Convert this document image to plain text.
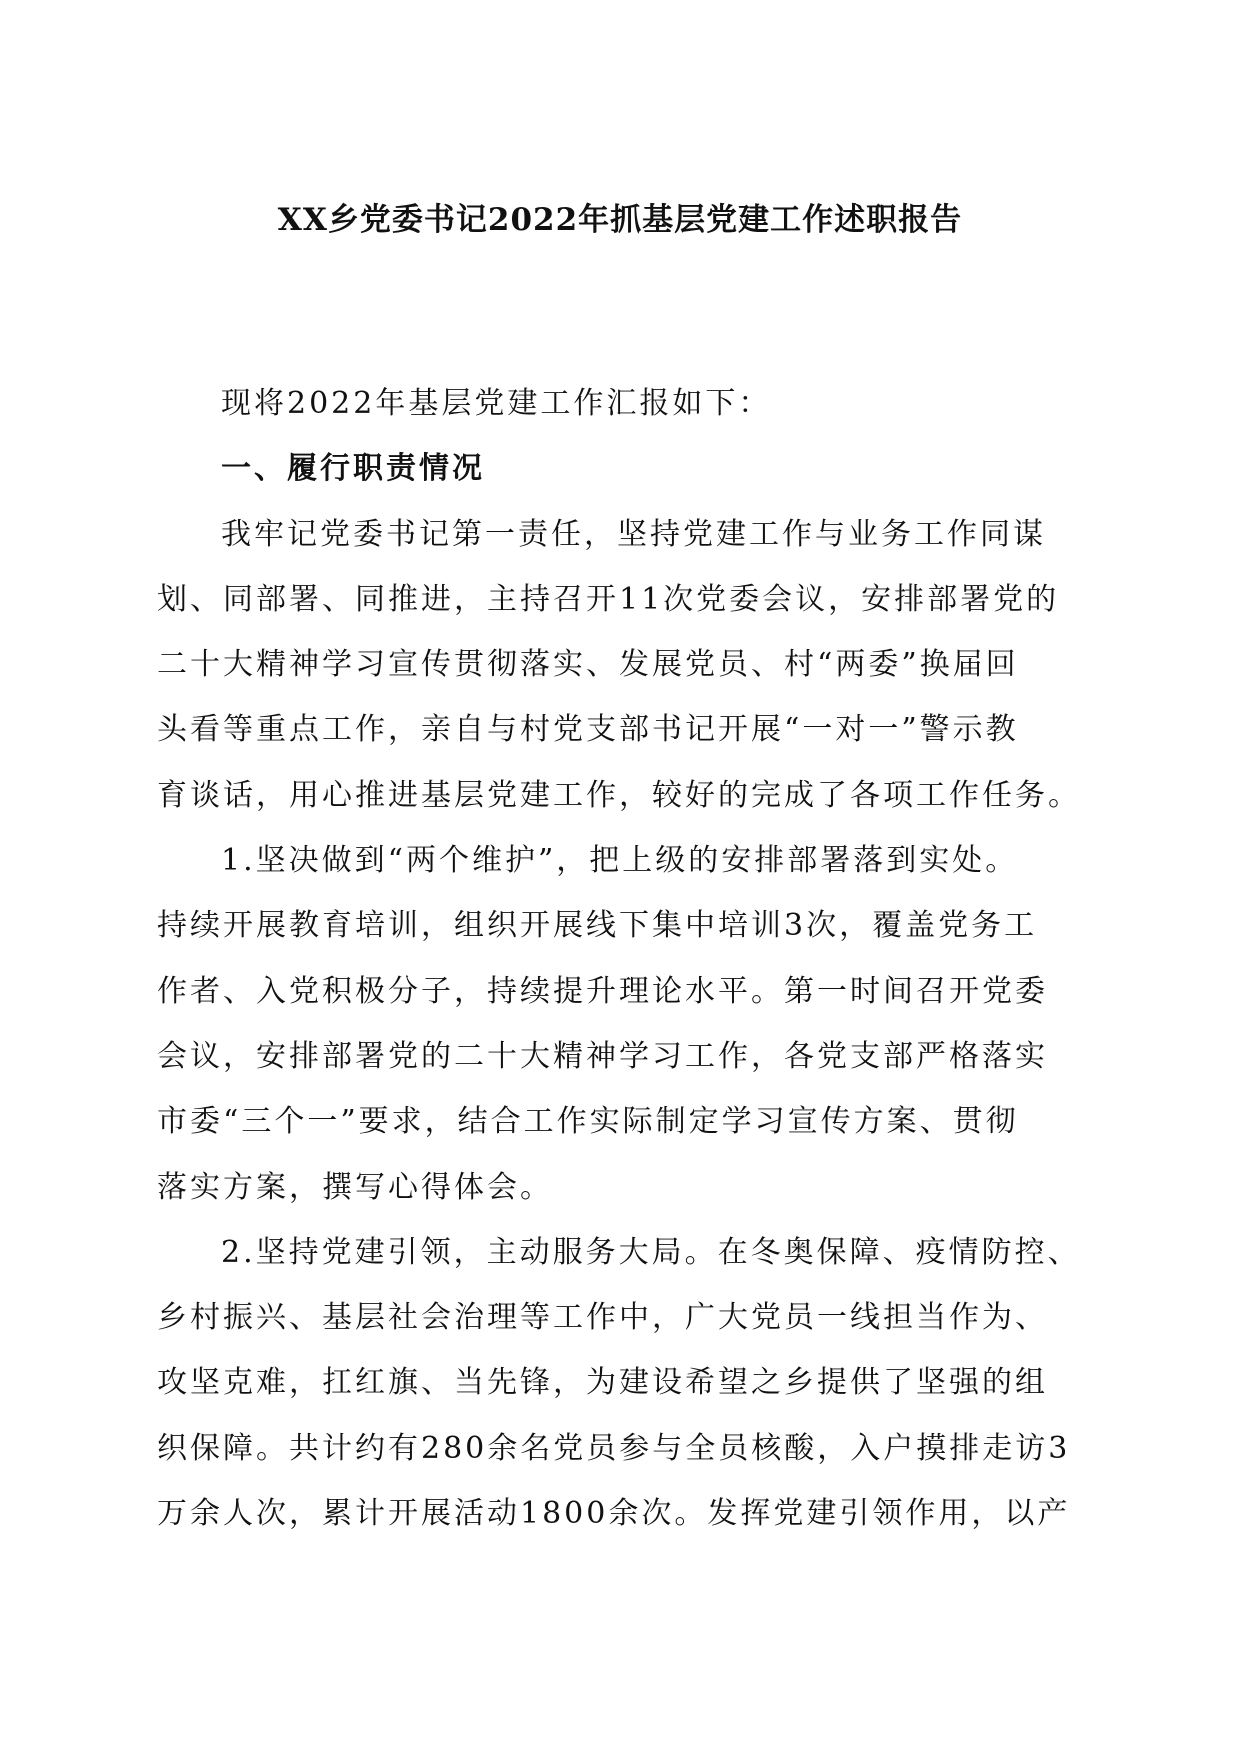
XX乡党委书记2022年抓基层党建工作述职报告
现将2022年基层党建工作汇报如下：
一、履行职责情况
我牢记党委书记第一责任，坚持党建工作与业务工作同谋
划、同部署、同推进，主持召开11次党委会议，安排部署党的
二十大精神学习宣传贯彻落实、发展党员、村“两委”换届回
头看等重点工作，亲自与村党支部书记开展“一对一”警示教
育谈话，用心推进基层党建工作，较好的完成了各项工作任务。
1.坚决做到“两个维护”，把上级的安排部署落到实处。
持续开展教育培训，组织开展线下集中培训3次，覆盖党务工
作者、入党积极分子，持续提升理论水平。第一时间召开党委
会议，安排部署党的二十大精神学习工作，各党支部严格落实
市委“三个一”要求，结合工作实际制定学习宣传方案、贯彻
落实方案，撰写心得体会。
2.坚持党建引领，主动服务大局。在冬奥保障、疫情防控、
乡村振兴、基层社会治理等工作中，广大党员一线担当作为、
攻坚克难，扛红旗、当先锋，为建设希望之乡提供了坚强的组
织保障。共计约有280余名党员参与全员核酸，入户摸排走访3
万余人次，累计开展活动1800余次。发挥党建引领作用，以产
